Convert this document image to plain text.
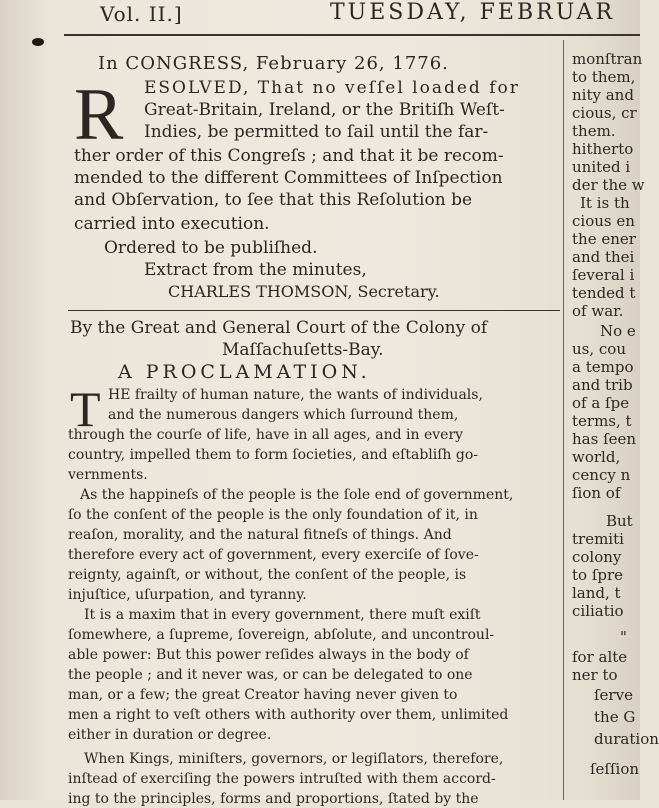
Vol. II.]	TUESDAY, FEBRUAR
In CONGRESS, February 26, 1776.
R ESOLVED, That no veſſel loaded for
Great-Britain, Ireland, or the Britiſh Weſt-
Indies, be permitted to ſail until the far-
ther order of this Congreſs ; and that it be recom-
mended to the different Committees of Inſpection
and Obſervation, to ſee that this Reſolution be
carried into execution.
Ordered to be publiſhed.
Extract from the minutes,
CHARLES THOMSON, Secretary.
By the Great and General Court of the Colony of
Maſſachuſetts-Bay.
A PROCLAMATION.
T HE frailty of human nature, the wants of individuals,
and the numerous dangers which ſurround them,
through the courſe of life, have in all ages, and in every
country, impelled them to form ſocieties, and eſtabliſh go-
vernments.
As the happineſs of the people is the ſole end of government,
ſo the conſent of the people is the only foundation of it, in
reaſon, morality, and the natural fitneſs of things. And
therefore every act of government, every exerciſe of ſove-
reignty, againſt, or without, the conſent of the people, is
injuſtice, uſurpation, and tyranny.
It is a maxim that in every government, there muſt exiſt
ſomewhere, a ſupreme, ſovereign, abſolute, and uncontroul-
able power: But this power reſides always in the body of
the people ; and it never was, or can be delegated to one
man, or a few; the great Creator having never given to
men a right to veſt others with authority over them, unlimited
either in duration or degree.
When Kings, miniſters, governors, or legiſlators, therefore,
inſtead of exerciſing the powers intruſted with them accord-
ing to the principles, forms and proportions, ſtated by the
monſtran
to them,
nity and
cious, cr
them.
hitherto
united i
der the w
It is th
cious en
the ener
and thei
ſeveral i
tended t
of war.
No e
us, cou
a tempo
and trib
of a ſpe
terms, t
has ſeen
world,
cency n
ſion of
But
tremiti
colony
to ſpre
land, t
ciliatio
"
for alte
ner to
ſerve
the G
duration
ſeſſion
